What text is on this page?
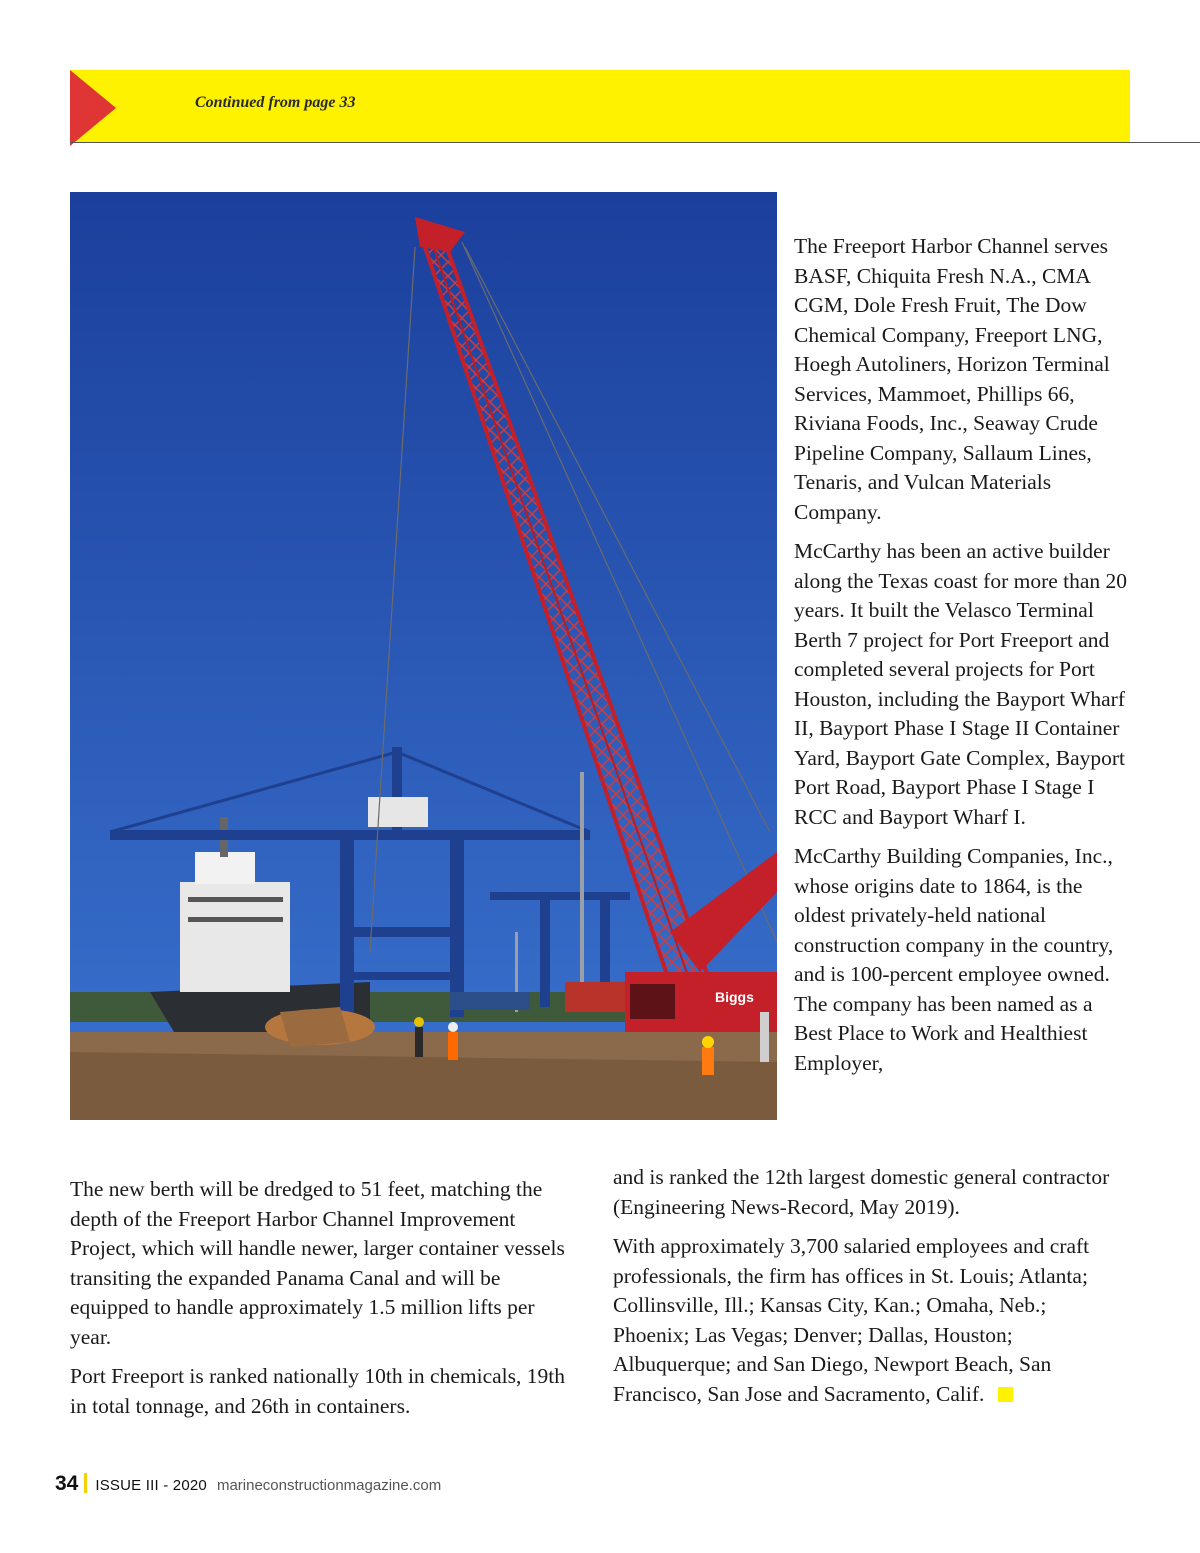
Continued from page 33
Biggs

The Freeport Harbor Channel serves BASF, Chiquita Fresh N.A., CMA CGM, Dole Fresh Fruit, The Dow Chemical Company, Freeport LNG, Hoegh Autoliners, Horizon Terminal Services, Mammoet, Phillips 66, Riviana Foods, Inc., Seaway Crude Pipeline Company, Sallaum Lines, Tenaris, and Vulcan Materials Company.

McCarthy has been an active builder along the Texas coast for more than 20 years. It built the Velasco Terminal Berth 7 project for Port Freeport and completed several projects for Port Houston, including the Bayport Wharf II, Bayport Phase I Stage II Container Yard, Bayport Gate Complex, Bayport Port Road, Bayport Phase I Stage I RCC and Bayport Wharf I.

McCarthy Building Companies, Inc., whose origins date to 1864, is the oldest privately-held national construction company in the country, and is 100-percent employee owned. The company has been named as a Best Place to Work and Healthiest Employer,

The new berth will be dredged to 51 feet, matching the depth of the Freeport Harbor Channel Improvement Project, which will handle newer, larger container vessels transiting the expanded Panama Canal and will be equipped to handle approximately 1.5 million lifts per year.

Port Freeport is ranked nationally 10th in chemicals, 19th in total tonnage, and 26th in containers.

and is ranked the 12th largest domestic general contractor (Engineering News-Record, May 2019).

With approximately 3,700 salaried employees and craft professionals, the firm has offices in St. Louis; Atlanta; Collinsville, Ill.; Kansas City, Kan.; Omaha, Neb.; Phoenix; Las Vegas; Denver; Dallas, Houston; Albuquerque; and San Diego, Newport Beach, San Francisco, San Jose and Sacramento, Calif.

34 ISSUE III - 2020 marineconstructionmagazine.com
